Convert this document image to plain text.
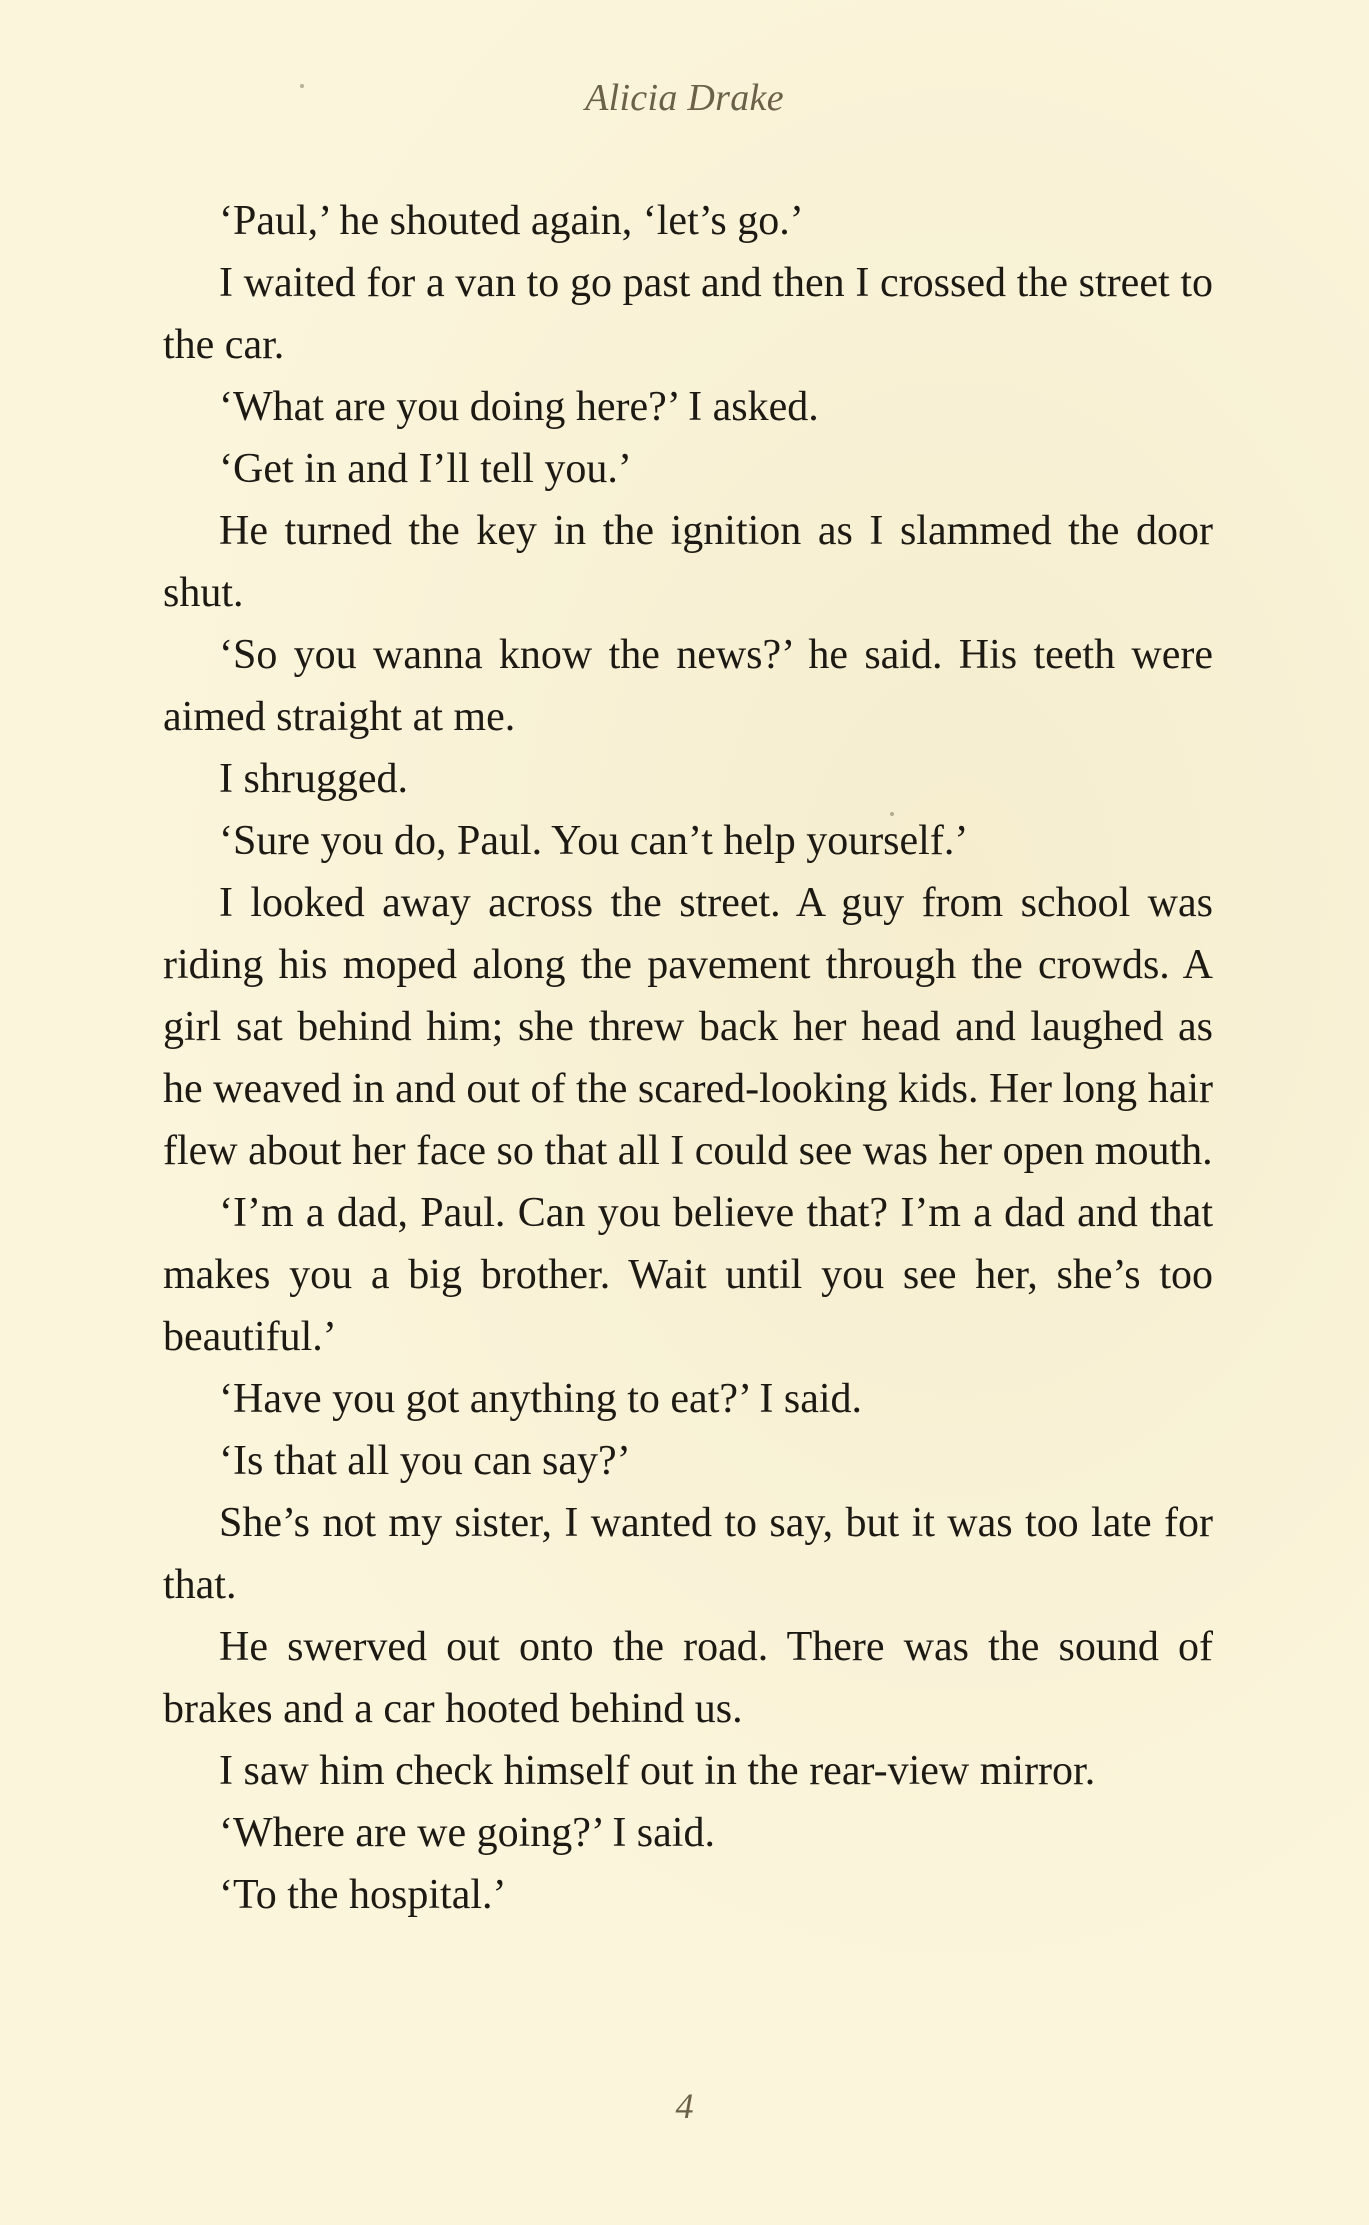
Alicia Drake

‘Paul,’ he shouted again, ‘let’s go.’

I waited for a van to go past and then I crossed the street to the car.

‘What are you doing here?’ I asked.

‘Get in and I’ll tell you.’

He turned the key in the ignition as I slammed the door shut.

‘So you wanna know the news?’ he said. His teeth were aimed straight at me.

I shrugged.

‘Sure you do, Paul. You can’t help yourself.’

I looked away across the street. A guy from school was riding his moped along the pavement through the crowds. A girl sat behind him; she threw back her head and laughed as he weaved in and out of the scared-looking kids. Her long hair flew about her face so that all I could see was her open mouth.

‘I’m a dad, Paul. Can you believe that? I’m a dad and that makes you a big brother. Wait until you see her, she’s too beautiful.’

‘Have you got anything to eat?’ I said.

‘Is that all you can say?’

She’s not my sister, I wanted to say, but it was too late for that.

He swerved out onto the road. There was the sound of brakes and a car hooted behind us.

I saw him check himself out in the rear-view mirror.

‘Where are we going?’ I said.

‘To the hospital.’

4
